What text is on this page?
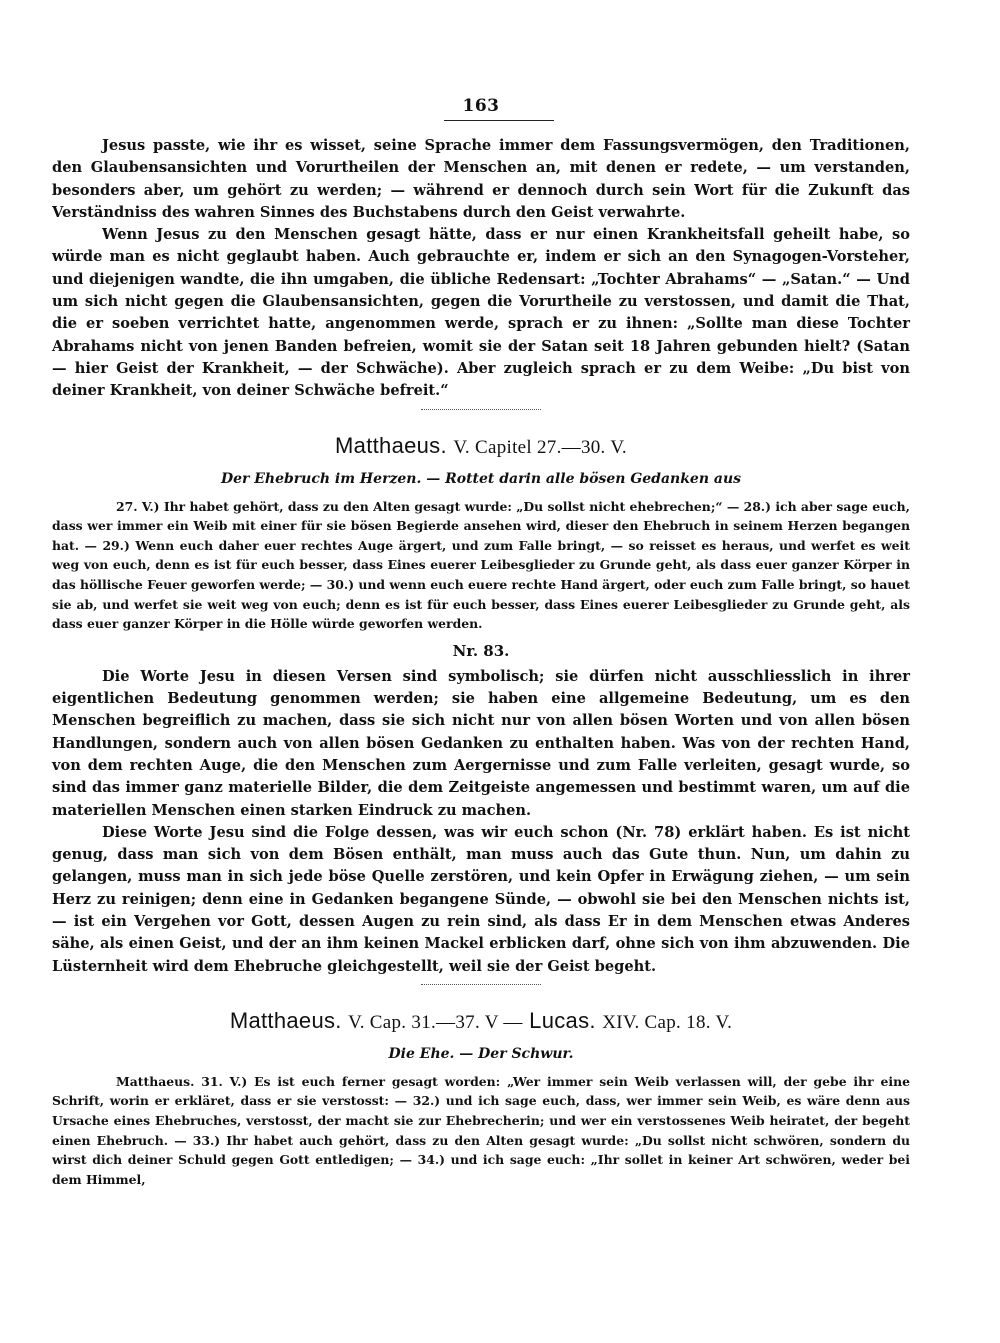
163

Jesus passte, wie ihr es wisset, seine Sprache immer dem Fassungsvermögen, den Traditionen, den Glaubensansichten und Vorurtheilen der Menschen an, mit denen er redete, — um verstanden, besonders aber, um gehört zu werden; — während er dennoch durch sein Wort für die Zukunft das Verständniss des wahren Sinnes des Buchstabens durch den Geist verwahrte.

Wenn Jesus zu den Menschen gesagt hätte, dass er nur einen Krankheitsfall geheilt habe, so würde man es nicht geglaubt haben. Auch gebrauchte er, indem er sich an den Synagogen-Vorsteher, und diejenigen wandte, die ihn umgaben, die übliche Redensart: „Tochter Abrahams“ — „Satan.“ — Und um sich nicht gegen die Glaubensansichten, gegen die Vorurtheile zu verstossen, und damit die That, die er soeben verrichtet hatte, angenommen werde, sprach er zu ihnen: „Sollte man diese Tochter Abrahams nicht von jenen Banden befreien, womit sie der Satan seit 18 Jahren gebunden hielt? (Satan — hier Geist der Krankheit, — der Schwäche). Aber zugleich sprach er zu dem Weibe: „Du bist von deiner Krankheit, von deiner Schwäche befreit.“

Matthaeus. V. Capitel 27.—30. V.
Der Ehebruch im Herzen. — Rottet darin alle bösen Gedanken aus

27. V.) Ihr habet gehört, dass zu den Alten gesagt wurde: „Du sollst nicht ehebrechen;“ — 28.) ich aber sage euch, dass wer immer ein Weib mit einer für sie bösen Begierde ansehen wird, dieser den Ehebruch in seinem Herzen begangen hat. — 29.) Wenn euch daher euer rechtes Auge ärgert, und zum Falle bringt, — so reisset es heraus, und werfet es weit weg von euch, denn es ist für euch besser, dass Eines euerer Leibesglieder zu Grunde geht, als dass euer ganzer Körper in das höllische Feuer geworfen werde; — 30.) und wenn euch euere rechte Hand ärgert, oder euch zum Falle bringt, so hauet sie ab, und werfet sie weit weg von euch; denn es ist für euch besser, dass Eines euerer Leibesglieder zu Grunde geht, als dass euer ganzer Körper in die Hölle würde geworfen werden.

Nr. 83.

Die Worte Jesu in diesen Versen sind symbolisch; sie dürfen nicht ausschliesslich in ihrer eigentlichen Bedeutung genommen werden; sie haben eine allgemeine Bedeutung, um es den Menschen begreiflich zu machen, dass sie sich nicht nur von allen bösen Worten und von allen bösen Handlungen, sondern auch von allen bösen Gedanken zu enthalten haben. Was von der rechten Hand, von dem rechten Auge, die den Menschen zum Aergernisse und zum Falle verleiten, gesagt wurde, so sind das immer ganz materielle Bilder, die dem Zeitgeiste angemessen und bestimmt waren, um auf die materiellen Menschen einen starken Eindruck zu machen.

Diese Worte Jesu sind die Folge dessen, was wir euch schon (Nr. 78) erklärt haben. Es ist nicht genug, dass man sich von dem Bösen enthält, man muss auch das Gute thun. Nun, um dahin zu gelangen, muss man in sich jede böse Quelle zerstören, und kein Opfer in Erwägung ziehen, — um sein Herz zu reinigen; denn eine in Gedanken begangene Sünde, — obwohl sie bei den Menschen nichts ist, — ist ein Vergehen vor Gott, dessen Augen zu rein sind, als dass Er in dem Menschen etwas Anderes sähe, als einen Geist, und der an ihm keinen Mackel erblicken darf, ohne sich von ihm abzuwenden. Die Lüsternheit wird dem Ehebruche gleichgestellt, weil sie der Geist begeht.

Matthaeus. V. Cap. 31.—37. V — Lucas. XIV. Cap. 18. V.
Die Ehe. — Der Schwur.

Matthaeus. 31. V.) Es ist euch ferner gesagt worden: „Wer immer sein Weib verlassen will, der gebe ihr eine Schrift, worin er erkläret, dass er sie verstosst: — 32.) und ich sage euch, dass, wer immer sein Weib, es wäre denn aus Ursache eines Ehebruches, verstosst, der macht sie zur Ehebrecherin; und wer ein verstossenes Weib heiratet, der begeht einen Ehebruch. — 33.) Ihr habet auch gehört, dass zu den Alten gesagt wurde: „Du sollst nicht schwören, sondern du wirst dich deiner Schuld gegen Gott entledigen; — 34.) und ich sage euch: „Ihr sollet in keiner Art schwören, weder bei dem Himmel,
